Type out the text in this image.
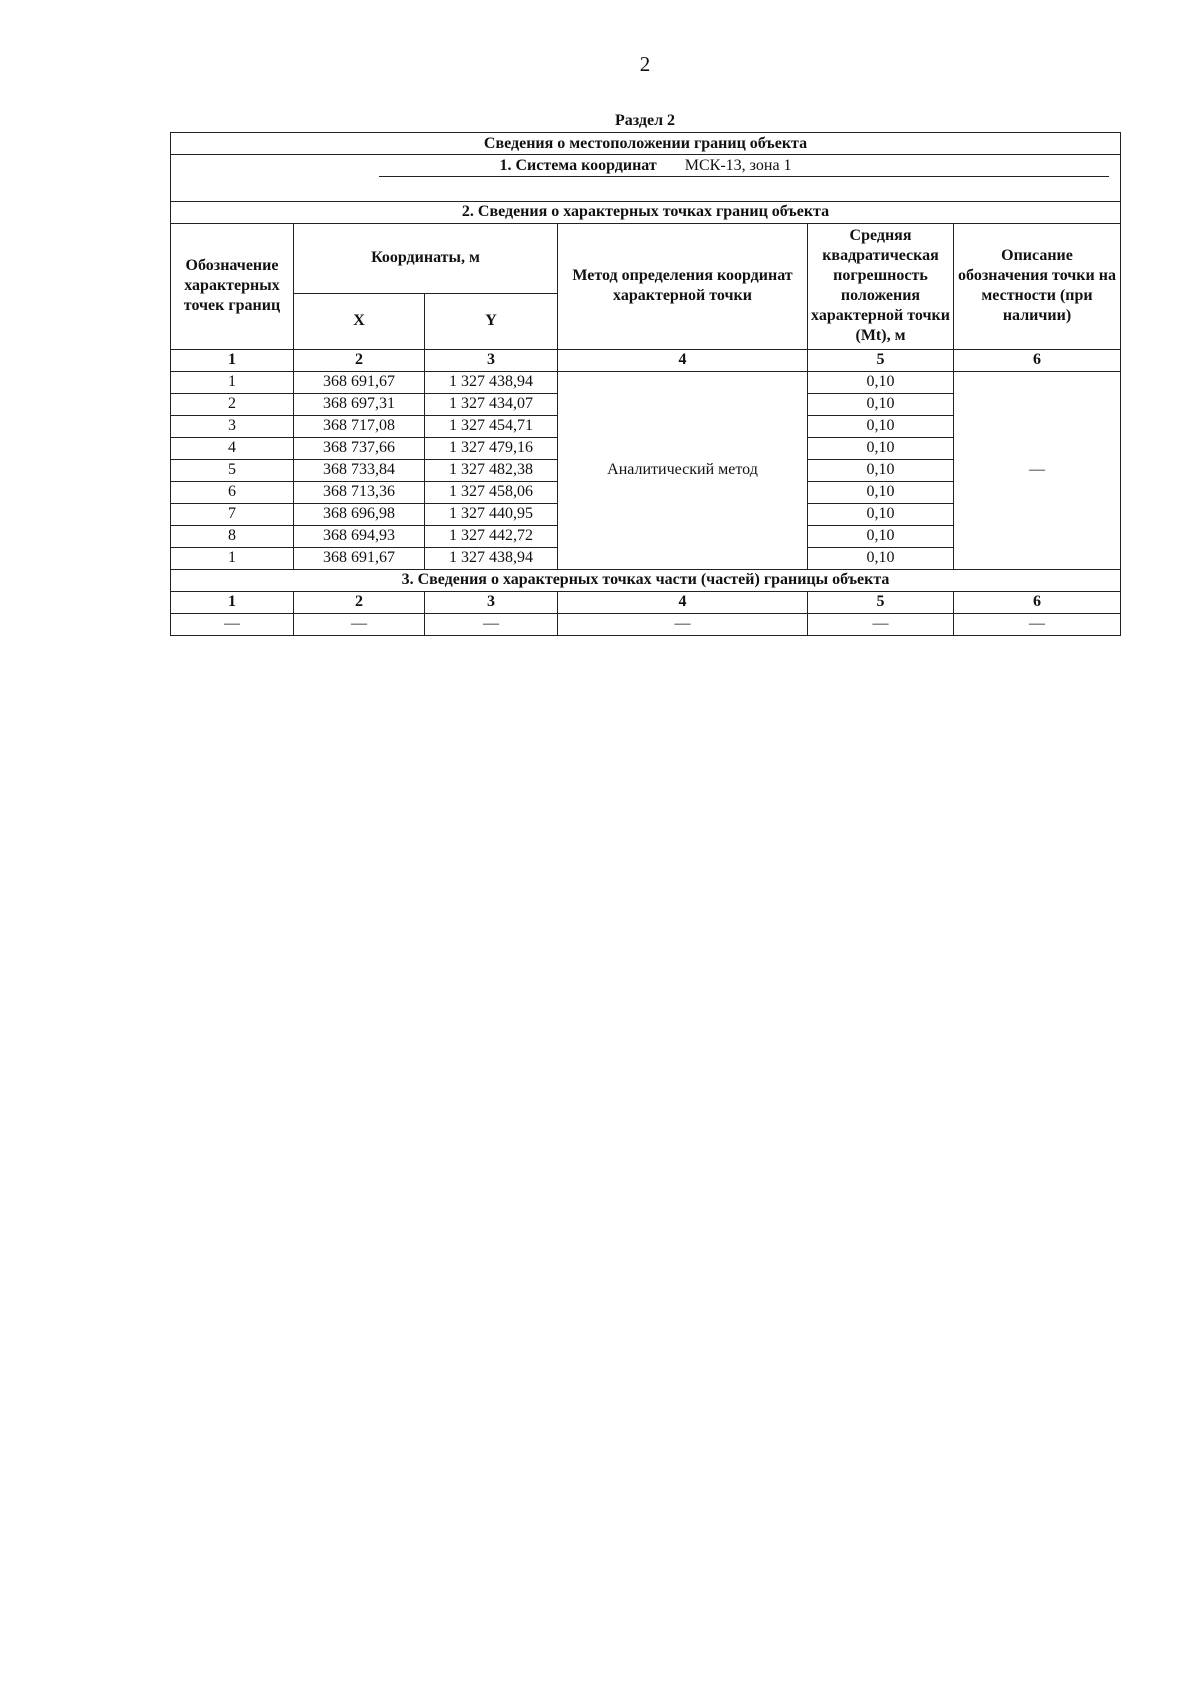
2
Раздел 2
Сведения о местоположении границ объекта					

1. Система координат МСК-13, зона 1					

2. Сведения о характерных точках границ объекта					
Обозначение характерных точек границ	Координаты, м		Метод определения координат характерной точки	Средняя квадратическая погрешность положения характерной точки (Mt), м	Описание обозначения точки на местности (при наличии)
	X	Y			
1	2	3	4	5	6
1	368 691,67	1 327 438,94	Аналитический метод	0,10	—
2	368 697,31	1 327 434,07		0,10	
3	368 717,08	1 327 454,71		0,10	
4	368 737,66	1 327 479,16		0,10	
5	368 733,84	1 327 482,38		0,10	
6	368 713,36	1 327 458,06		0,10	
7	368 696,98	1 327 440,95		0,10	
8	368 694,93	1 327 442,72		0,10	
1	368 691,67	1 327 438,94		0,10	
3. Сведения о характерных точках части (частей) границы объекта					
1	2	3	4	5	6
—	—	—	—	—	—
